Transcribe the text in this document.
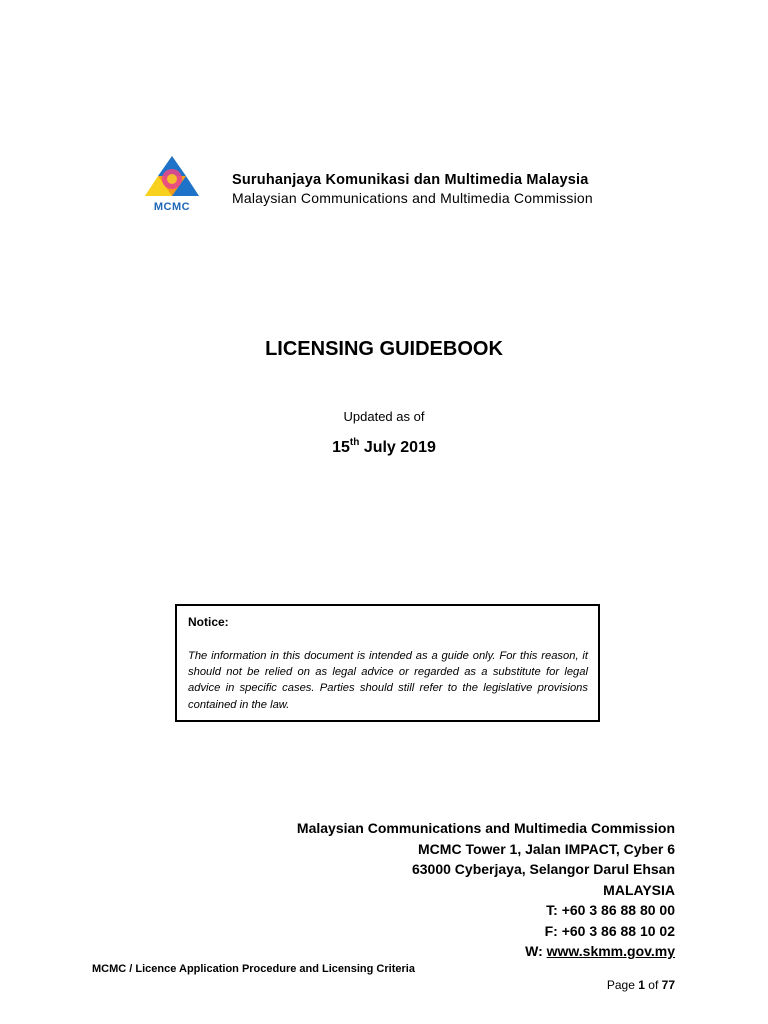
MCMC
Suruhanjaya Komunikasi dan Multimedia Malaysia
Malaysian Communications and Multimedia Commission
LICENSING GUIDEBOOK
Updated as of
15th July 2019
Notice:
The information in this document is intended as a guide only. For this reason, it should not be relied on as legal advice or regarded as a substitute for legal advice in specific cases. Parties should still refer to the legislative provisions contained in the law.
Malaysian Communications and Multimedia Commission
MCMC Tower 1, Jalan IMPACT, Cyber 6
63000 Cyberjaya, Selangor Darul Ehsan
MALAYSIA
T: +60 3 86 88 80 00
F: +60 3 86 88 10 02
W: www.skmm.gov.my
MCMC / Licence Application Procedure and Licensing Criteria
Page 1 of 77
